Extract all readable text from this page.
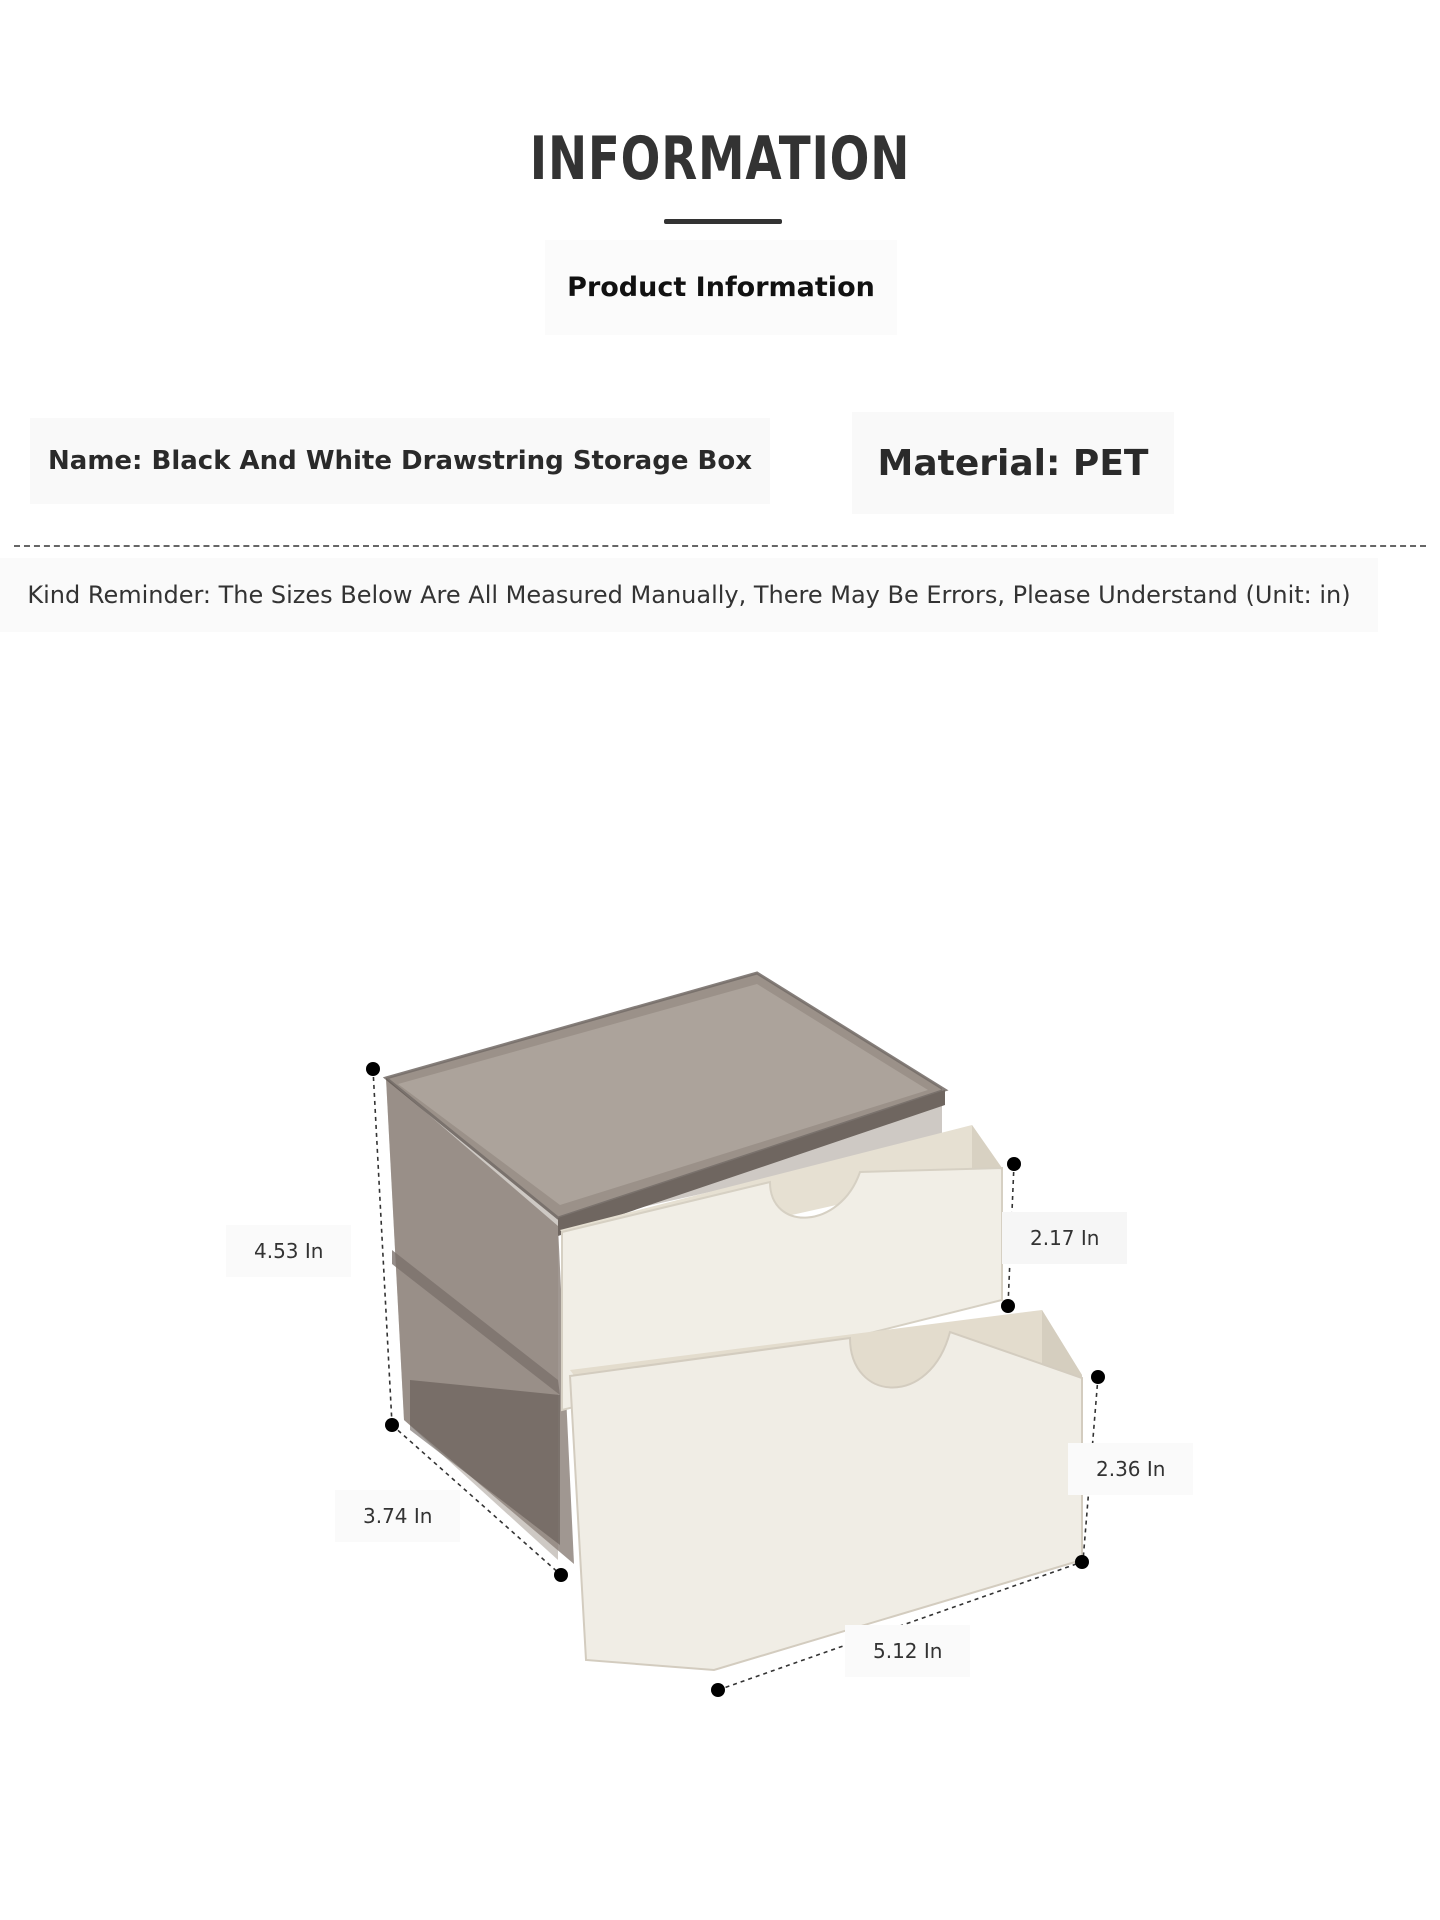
INFORMATION
Product Information
Name: Black And White Drawstring Storage Box	Material: PET
Kind Reminder: The Sizes Below Are All Measured Manually, There May Be Errors, Please Understand (Unit: in)
4.53 In
2.17 In
2.36 In
3.74 In
5.12 In
